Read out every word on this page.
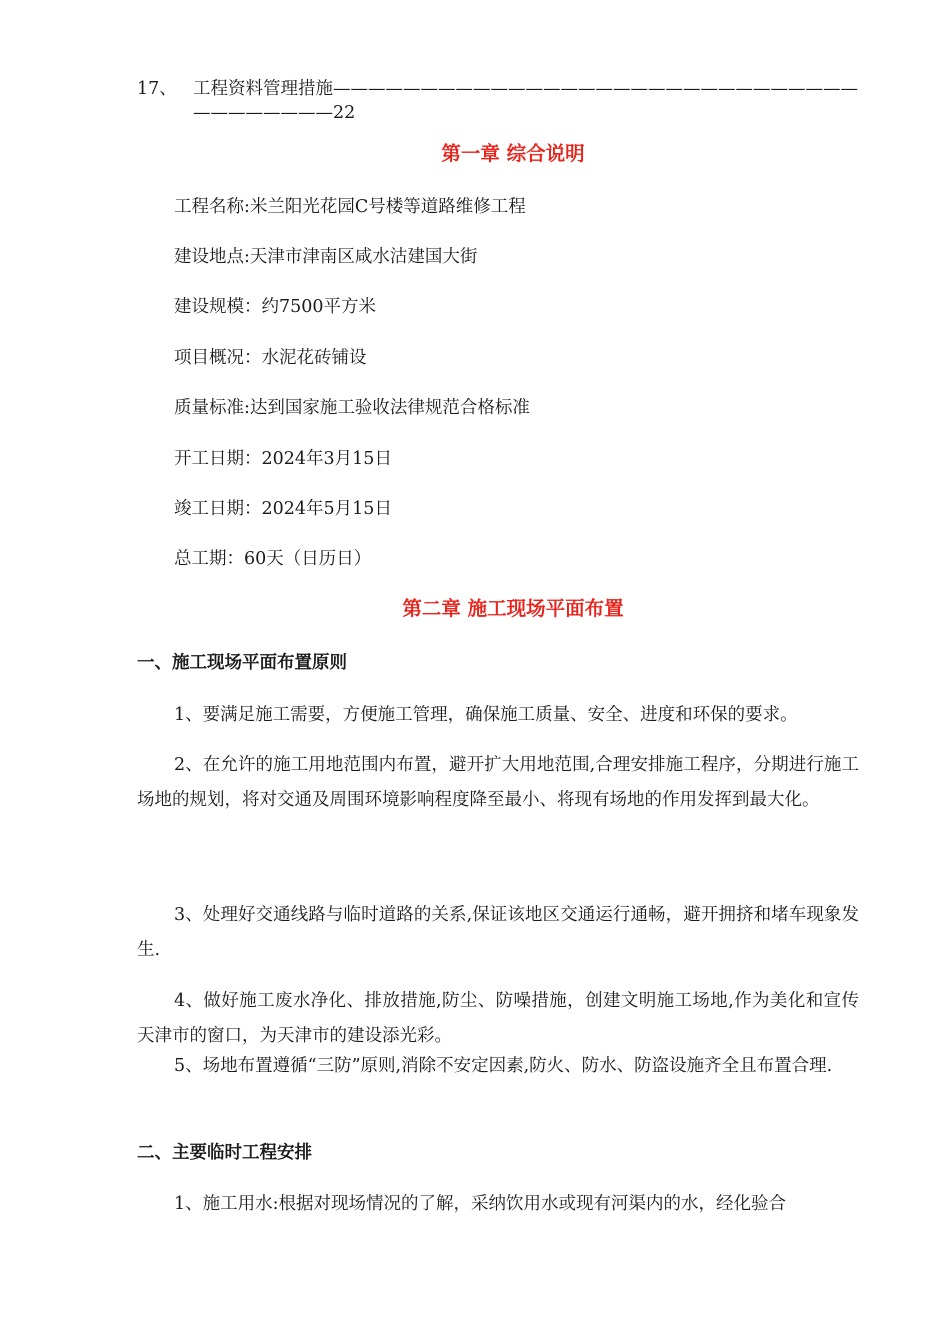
17、 工程资料管理措施——————————————————————————————
————————22
第一章 综合说明
工程名称:米兰阳光花园C号楼等道路维修工程
建设地点:天津市津南区咸水沽建国大街
建设规模：约7500平方米
项目概况：水泥花砖铺设
质量标准:达到国家施工验收法律规范合格标准
开工日期：2024年3月15日
竣工日期：2024年5月15日
总工期：60天（日历日）
第二章 施工现场平面布置
一、施工现场平面布置原则
1、要满足施工需要，方便施工管理，确保施工质量、安全、进度和环保的要求。
2、在允许的施工用地范围内布置，避开扩大用地范围,合理安排施工程序，分期进行施工场地的规划，将对交通及周围环境影响程度降至最小、将现有场地的作用发挥到最大化。
3、处理好交通线路与临时道路的关系,保证该地区交通运行通畅，避开拥挤和堵车现象发生.
4、做好施工废水净化、排放措施,防尘、防噪措施，创建文明施工场地,作为美化和宣传天津市的窗口，为天津市的建设添光彩。
5、场地布置遵循“三防”原则,消除不安定因素,防火、防水、防盗设施齐全且布置合理.
二、主要临时工程安排
1、施工用水:根据对现场情况的了解，采纳饮用水或现有河渠内的水，经化验合
